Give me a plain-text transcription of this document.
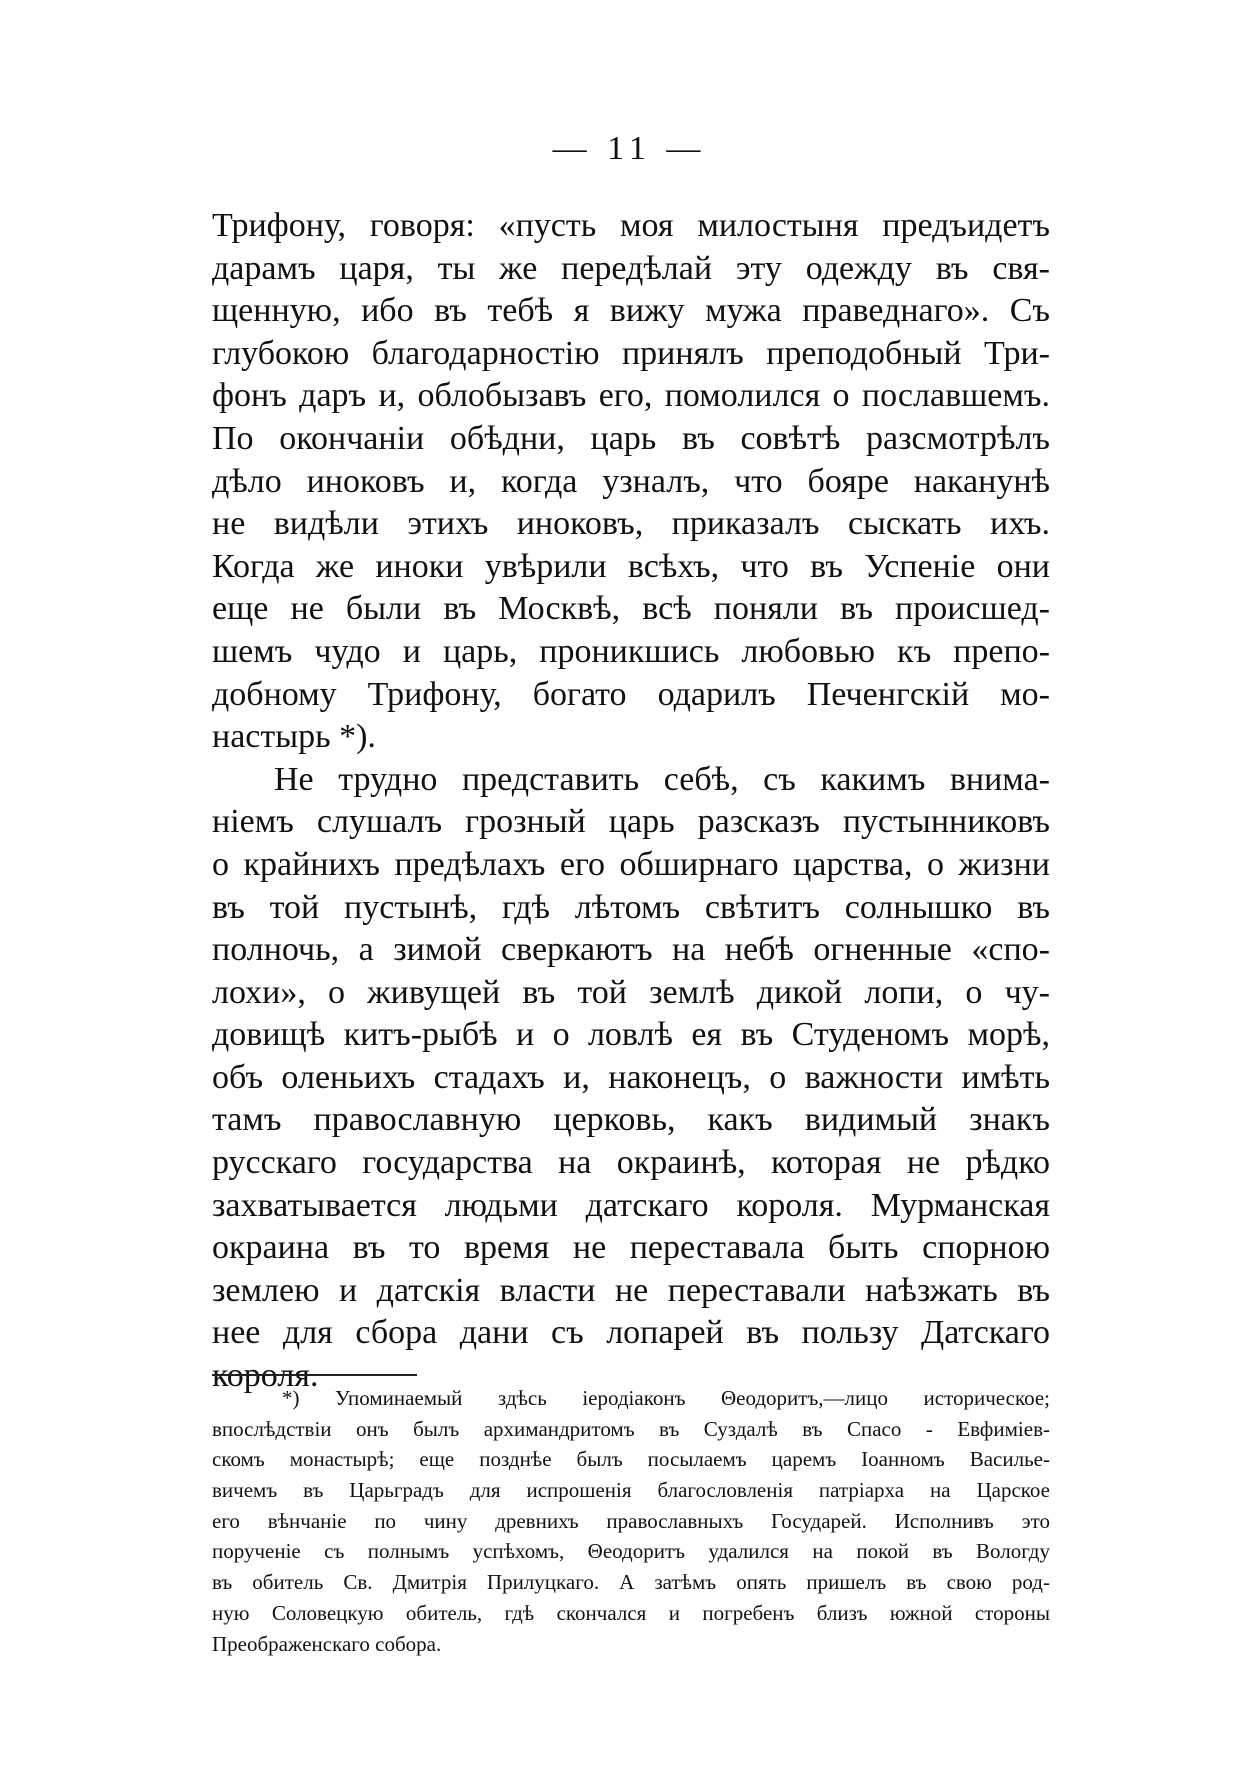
— 11 —
Трифону, говоря: «пусть моя милостыня предъидетъ
дарамъ царя, ты же передѣлай эту одежду въ свя-
щенную, ибо въ тебѣ я вижу мужа праведнаго». Съ
глубокою благодарностію принялъ преподобный Три-
фонъ даръ и, облобызавъ его, помолился о пославшемъ.
По окончаніи обѣдни, царь въ совѣтѣ разсмотрѣлъ
дѣло иноковъ и, когда узналъ, что бояре наканунѣ
не видѣли этихъ иноковъ, приказалъ сыскать ихъ.
Когда же иноки увѣрили всѣхъ, что въ Успеніе они
еще не были въ Москвѣ, всѣ поняли въ происшед-
шемъ чудо и царь, проникшись любовью къ препо-
добному Трифону, богато одарилъ Печенгскій мо-
настырь *).
Не трудно представить себѣ, съ какимъ внима-
ніемъ слушалъ грозный царь разсказъ пустынниковъ
о крайнихъ предѣлахъ его обширнаго царства, о жизни
въ той пустынѣ, гдѣ лѣтомъ свѣтитъ солнышко въ
полночь, а зимой сверкаютъ на небѣ огненные «спо-
лохи», о живущей въ той землѣ дикой лопи, о чу-
довищѣ китъ-рыбѣ и о ловлѣ ея въ Студеномъ морѣ,
объ оленьихъ стадахъ и, наконецъ, о важности имѣть
тамъ православную церковь, какъ видимый знакъ
русскаго государства на окраинѣ, которая не рѣдко
захватывается людьми датскаго короля. Мурманская
окраина въ то время не переставала быть спорною
землею и датскія власти не переставали наѣзжать въ
нее для сбора дани съ лопарей въ пользу Датскаго
короля.
*) Упоминаемый здѣсь іеродіаконъ Θеодоритъ,—лицо историческое;
впослѣдствіи онъ былъ архимандритомъ въ Суздалѣ въ Спасо - Евфиміев-
скомъ монастырѣ; еще позднѣе былъ посылаемъ царемъ Іоанномъ Василье-
вичемъ въ Царьградъ для испрошенія благословленія патріарха на Царское
его вѣнчаніе по чину древнихъ православныхъ Государей. Исполнивъ это
порученіе съ полнымъ успѣхомъ, Θеодоритъ удалился на покой въ Вологду
въ обитель Св. Дмитрія Прилуцкаго. А затѣмъ опять пришелъ въ свою род-
ную Соловецкую обитель, гдѣ скончался и погребенъ близъ южной стороны
Преображенскаго собора.
